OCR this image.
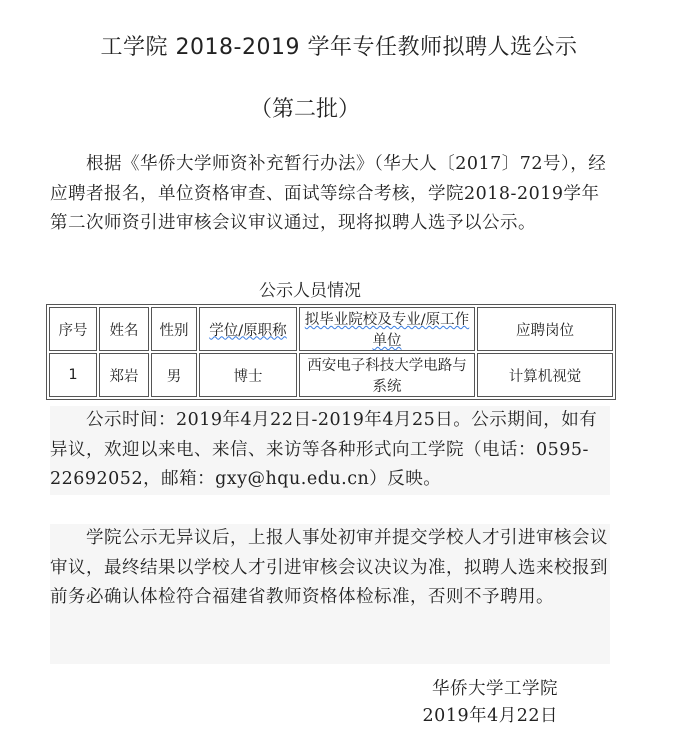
工学院 2018-2019 学年专任教师拟聘人选公示
（第二批）
根据《华侨大学师资补充暂行办法》（华大人〔2017〕72号），经应聘者报名，单位资格审查、面试等综合考核，学院2018-2019学年第二次师资引进审核会议审议通过，现将拟聘人选予以公示。
公示人员情况
序号	姓名	性别	学位/原职称	拟毕业院校及专业/原工作单位	应聘岗位
1	郑岩	男	博士	西安电子科技大学电路与系统	计算机视觉
公示时间：2019年4月22日-2019年4月25日。公示期间，如有异议，欢迎以来电、来信、来访等各种形式向工学院（电话：0595-22692052，邮箱：gxy@hqu.edu.cn）反映。
学院公示无异议后，上报人事处初审并提交学校人才引进审核会议审议，最终结果以学校人才引进审核会议决议为准，拟聘人选来校报到前务必确认体检符合福建省教师资格体检标准，否则不予聘用。
华侨大学工学院
2019年4月22日
